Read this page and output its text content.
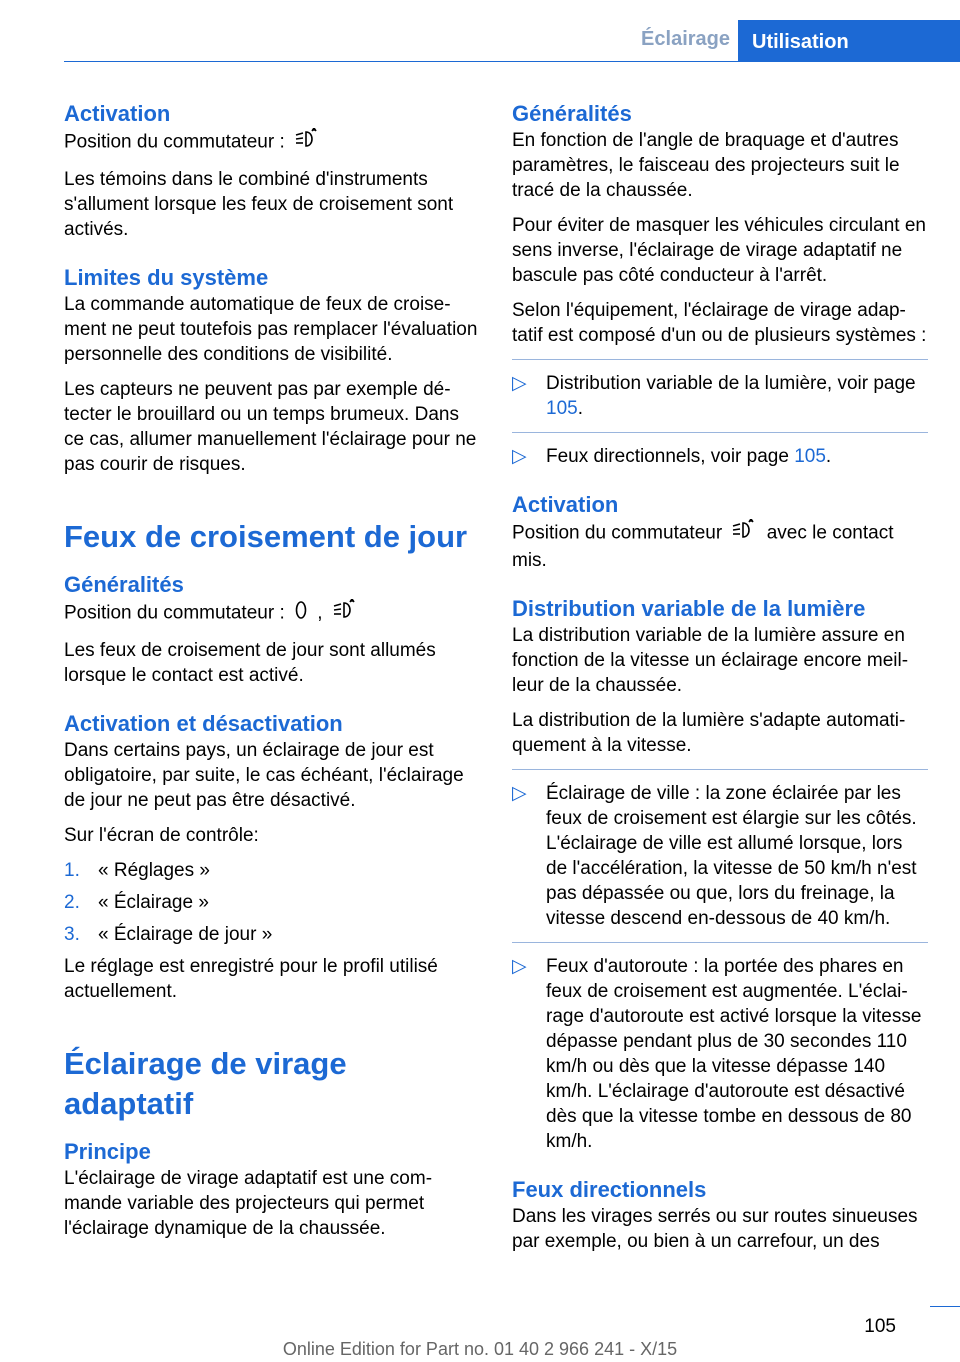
Éclairage	Utilisation
Activation

Position du commutateur :

Les témoins dans le combiné d'instruments s'allument lorsque les feux de croisement sont activés.

Limites du système

La commande automatique de feux de croisement ne peut toutefois pas remplacer l'évaluation personnelle des conditions de visibilité.

Les capteurs ne peuvent pas par exemple détecter le brouillard ou un temps brumeux. Dans ce cas, allumer manuellement l'éclairage pour ne pas courir de risques.

Feux de croisement de jour
Généralités

Position du commutateur : ,

Les feux de croisement de jour sont allumés lorsque le contact est activé.

Activation et désactivation

Dans certains pays, un éclairage de jour est obligatoire, par suite, le cas échéant, l'éclairage de jour ne peut pas être désactivé.

Sur l'écran de contrôle:

1. « Réglages »
2. « Éclairage »
3. « Éclairage de jour »

Le réglage est enregistré pour le profil utilisé actuellement.

Éclairage de virage adaptatif
Principe

L'éclairage de virage adaptatif est une commande variable des projecteurs qui permet l'éclairage dynamique de la chaussée.

Généralités

En fonction de l'angle de braquage et d'autres paramètres, le faisceau des projecteurs suit le tracé de la chaussée.

Pour éviter de masquer les véhicules circulant en sens inverse, l'éclairage de virage adaptatif ne bascule pas côté conducteur à l'arrêt.

Selon l'équipement, l'éclairage de virage adaptatif est composé d'un ou de plusieurs systèmes :

▷ Distribution variable de la lumière, voir page 105.
▷ Feux directionnels, voir page 105.
Activation

Position du commutateur avec le contact mis.

Distribution variable de la lumière

La distribution variable de la lumière assure en fonction de la vitesse un éclairage encore meilleur de la chaussée.

La distribution de la lumière s'adapte automatiquement à la vitesse.

▷ Éclairage de ville : la zone éclairée par les feux de croisement est élargie sur les côtés. L'éclairage de ville est allumé lorsque, lors de l'accélération, la vitesse de 50 km/h n'est pas dépassée ou que, lors du freinage, la vitesse descend en-dessous de 40 km/h.
▷ Feux d'autoroute : la portée des phares en feux de croisement est augmentée. L'éclairage d'autoroute est activé lorsque la vitesse dépasse pendant plus de 30 secondes 110 km/h ou dès que la vitesse dépasse 140 km/h. L'éclairage d'autoroute est désactivé dès que la vitesse tombe en dessous de 80 km/h.
Feux directionnels

Dans les virages serrés ou sur routes sinueuses par exemple, ou bien à un carrefour, un des

105
Online Edition for Part no. 01 40 2 966 241 - X/15
